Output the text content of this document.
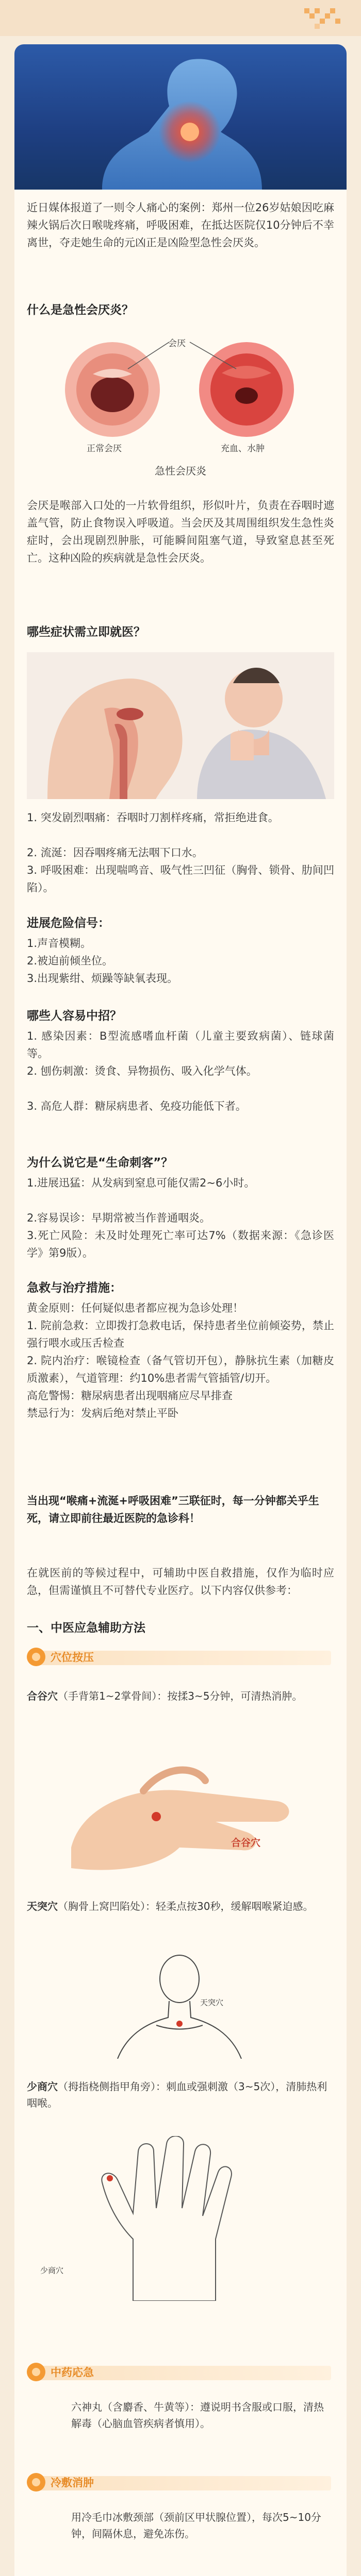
近日媒体报道了一则令人痛心的案例：郑州一位26岁姑娘因吃麻辣火锅后次日喉咙疼痛，呼吸困难，在抵达医院仅10分钟后不幸离世，夺走她生命的元凶正是凶险型急性会厌炎。
什么是急性会厌炎？
会厌
正常会厌	充血、水肿
急性会厌炎
会厌是喉部入口处的一片软骨组织，形似叶片，负责在吞咽时遮盖气管，防止食物误入呼吸道。当会厌及其周围组织发生急性炎症时，会出现剧烈肿胀，可能瞬间阻塞气道，导致窒息甚至死亡。这种凶险的疾病就是急性会厌炎。
哪些症状需立即就医？
1. 突发剧烈咽痛：吞咽时刀割样疼痛，常拒绝进食。
2. 流涎：因吞咽疼痛无法咽下口水。
3. 呼吸困难：出现喘鸣音、吸气性三凹征（胸骨、锁骨、肋间凹陷）。
进展危险信号：
1.声音模糊。
2.被迫前倾坐位。
3.出现紫绀、烦躁等缺氧表现。
哪些人容易中招？
1. 感染因素：B型流感嗜血杆菌（儿童主要致病菌）、链球菌等。
2. 刨伤刺激：烫食、异物损伤、吸入化学气体。
3. 高危人群：糖尿病患者、免疫功能低下者。
为什么说它是“生命刺客”？
1.进展迅猛：从发病到窒息可能仅需2~6小时。
2.容易误诊：早期常被当作普通咽炎。
3.死亡风险：未及时处理死亡率可达7%（数据来源：《急诊医学》第9版）。
急救与治疗措施：
黄金原则：任何疑似患者都应视为急诊处理！
1. 院前急救：立即拨打急救电话，保持患者坐位前倾姿势，禁止强行喂水或压舌检查
2. 院内治疗：喉镜检查（备气管切开包），静脉抗生素（加糖皮质激素），气道管理：约10%患者需气管插管/切开。
高危警惕：糖尿病患者出现咽痛应尽早排查
禁忌行为：发病后绝对禁止平卧
当出现“喉痛+流涎+呼吸困难”三联征时，每一分钟都关乎生死，请立即前往最近医院的急诊科！
在就医前的等候过程中，可辅助中医自救措施，仅作为临时应急，但需谨慎且不可替代专业医疗。以下内容仅供参考：
一、中医应急辅助方法
穴位按压
合谷穴（手背第1~2掌骨间）：按揉3~5分钟，可清热消肿。
合谷穴
天突穴（胸骨上窝凹陷处）：轻柔点按30秒，缓解咽喉紧迫感。
天突穴
少商穴（拇指桡侧指甲角旁）：刺血或强刺激（3~5次），清肺热利咽喉。
少商穴
中药応急
六神丸（含麝香、牛黄等）：遵说明书含服或口服，清热解毒（心脑血管疾病者慎用）。
冷敷消肿
用冷毛巾冰敷颈部（颈前区甲状腺位置），每次5~10分钟，间隔休息，避免冻伤。
